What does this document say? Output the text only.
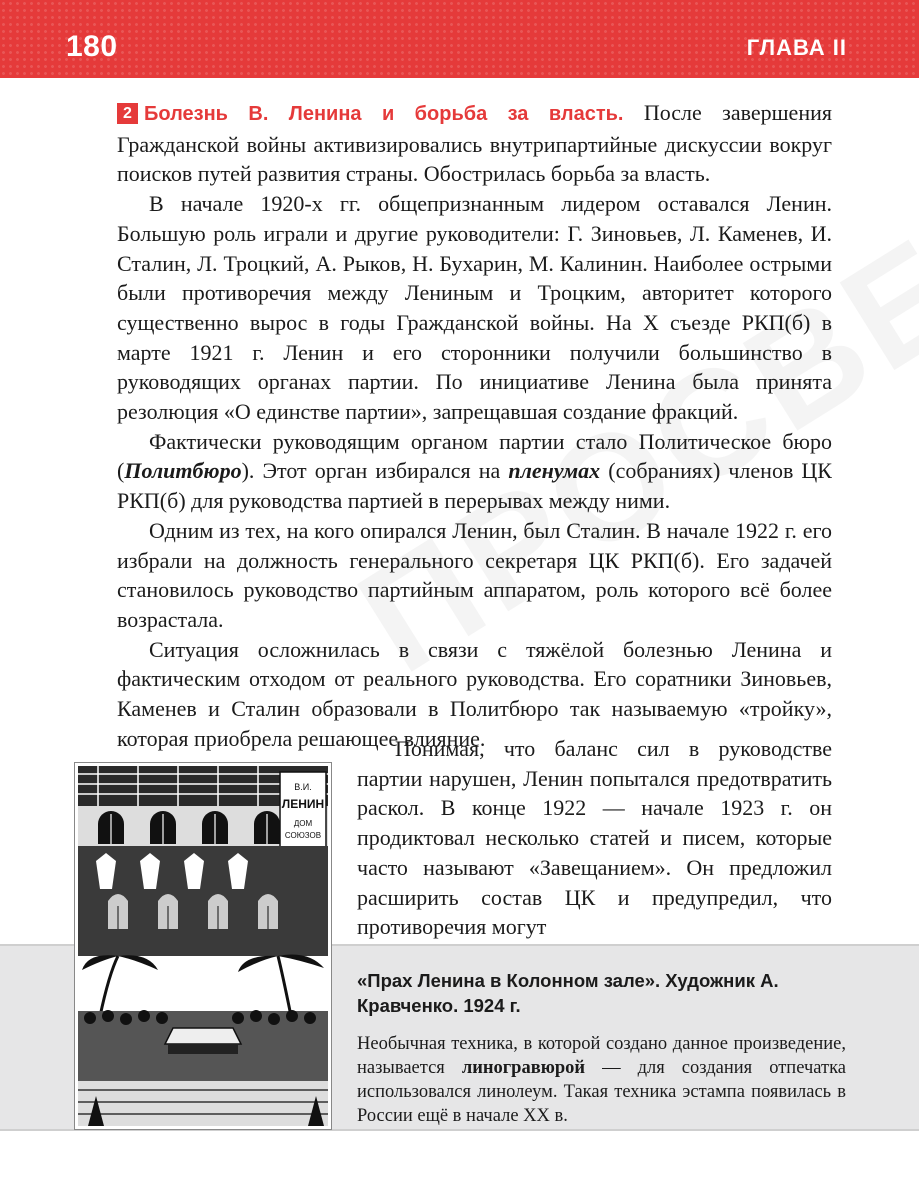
180	ГЛАВА II

2 Болезнь В. Ленина и борьба за власть. После завершения Гражданской войны активизировались внутрипартийные дискуссии вокруг поисков путей развития страны. Обострилась борьба за власть.

В начале 1920-х гг. общепризнанным лидером оставался Ленин. Большую роль играли и другие руководители: Г. Зиновьев, Л. Каменев, И. Сталин, Л. Троцкий, А. Рыков, Н. Бухарин, М. Калинин. Наиболее острыми были противоречия между Лениным и Троцким, авторитет которого существенно вырос в годы Гражданской войны. На X съезде РКП(б) в марте 1921 г. Ленин и его сторонники получили большинство в руководящих органах партии. По инициативе Ленина была принята резолюция «О единстве партии», запрещавшая создание фракций.

Фактически руководящим органом партии стало Политическое бюро (Политбюро). Этот орган избирался на пленумах (собраниях) членов ЦК РКП(б) для руководства партией в перерывах между ними.

Одним из тех, на кого опирался Ленин, был Сталин. В начале 1922 г. его избрали на должность генерального секретаря ЦК РКП(б). Его задачей становилось руководство партийным аппаратом, роль которого всё более возрастала.

Ситуация осложнилась в связи с тяжёлой болезнью Ленина и фактическим отходом от реального руководства. Его соратники Зиновьев, Каменев и Сталин образовали в Политбюро так называемую «тройку», которая приобрела решающее влияние.

Понимая, что баланс сил в руководстве партии нарушен, Ленин попытался предотвратить раскол. В конце 1922 — начале 1923 г. он продиктовал несколько статей и писем, которые часто называют «Завещанием». Он предложил расширить состав ЦК и предупредил, что противоречия могут

«Прах Ленина в Колонном зале». Художник А. Кравченко. 1924 г.
Необычная техника, в которой создано данное произведение, называется линогравюрой — для создания отпечатка использовался линолеум. Такая техника эстампа появилась в России ещё в начале XX в.
В.И.
ЛЕНИН
ДОМ
СОЮЗОВ
